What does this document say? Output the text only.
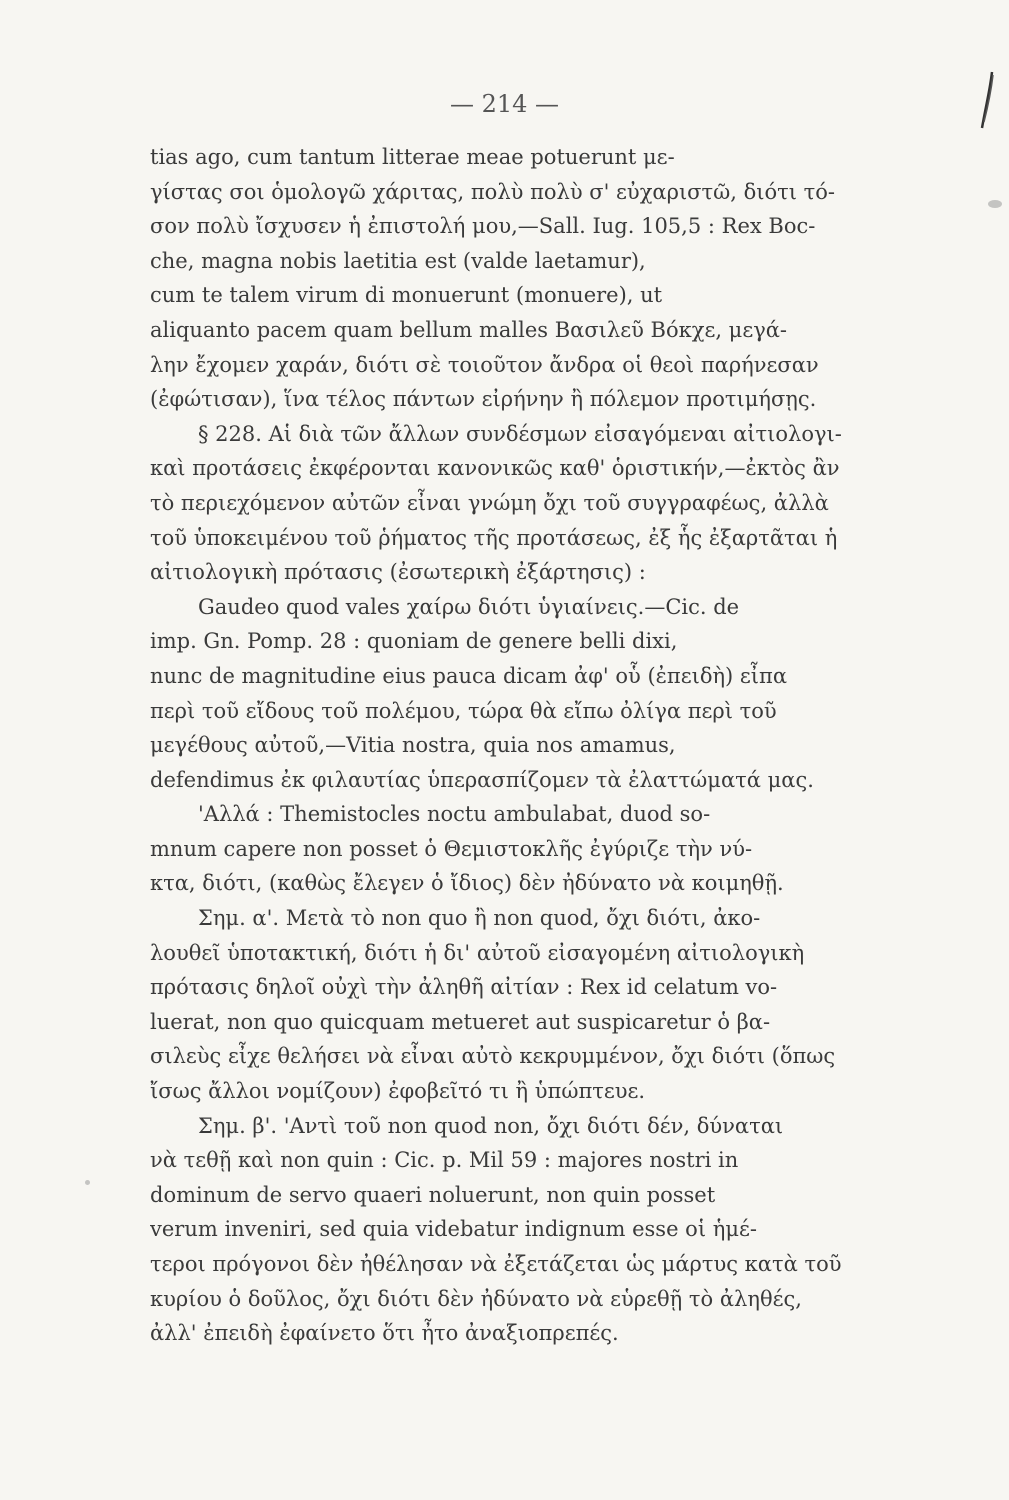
— 214 —
tias ago, cum tantum litterae meae potuerunt με-
γίστας σοι ὁμολογῶ χάριτας, πολὺ πολὺ σ' εὐχαριστῶ, διότι τό-
σον πολὺ ἴσχυσεν ἡ ἐπιστολή μου,—Sall. Iug. 105,5 : Rex Boc-
che, magna nobis laetitia est (valde laetamur),
cum te talem virum di monuerunt (monuere), ut
aliquanto pacem quam bellum malles Βασιλεῦ Βόκχε, μεγά-
λην ἔχομεν χαράν, διότι σὲ τοιοῦτον ἄνδρα οἱ θεοὶ παρήνεσαν
(ἐφώτισαν), ἵνα τέλος πάντων εἰρήνην ἢ πόλεμον προτιμήσῃς.
§ 228. Αἱ διὰ τῶν ἄλλων συνδέσμων εἰσαγόμεναι αἰτιολογι-
καὶ προτάσεις ἐκφέρονται κανονικῶς καθ' ὁριστικήν,—ἐκτὸς ἂν
τὸ περιεχόμενον αὐτῶν εἶναι γνώμη ὄχι τοῦ συγγραφέως, ἀλλὰ
τοῦ ὑποκειμένου τοῦ ῥήματος τῆς προτάσεως, ἐξ ἧς ἐξαρτᾶται ἡ
αἰτιολογικὴ πρότασις (ἐσωτερικὴ ἐξάρτησις) :
Gaudeo quod vales χαίρω διότι ὑγιαίνεις.—Cic. de
imp. Gn. Pomp. 28 : quoniam de genere belli dixi,
nunc de magnitudine eius pauca dicam ἀφ' οὗ (ἐπειδὴ) εἶπα
περὶ τοῦ εἴδους τοῦ πολέμου, τώρα θὰ εἴπω ὀλίγα περὶ τοῦ
μεγέθους αὐτοῦ,—Vitia nostra, quia nos amamus,
defendimus ἐκ φιλαυτίας ὑπερασπίζομεν τὰ ἐλαττώματά μας.
'Αλλά : Themistocles noctu ambulabat, duod so-
mnum capere non posset ὁ Θεμιστοκλῆς ἐγύριζε τὴν νύ-
κτα, διότι, (καθὼς ἔλεγεν ὁ ἴδιος) δὲν ἠδύνατο νὰ κοιμηθῇ.
Σημ. α'. Μετὰ τὸ non quo ἢ non quod, ὄχι διότι, ἀκο-
λουθεῖ ὑποτακτική, διότι ἡ δι' αὐτοῦ εἰσαγομένη αἰτιολογικὴ
πρότασις δηλοῖ οὐχὶ τὴν ἀληθῆ αἰτίαν : Rex id celatum vo-
luerat, non quo quicquam metueret aut suspicaretur ὁ βα-
σιλεὺς εἶχε θελήσει νὰ εἶναι αὐτὸ κεκρυμμένον, ὄχι διότι (ὅπως
ἴσως ἄλλοι νομίζουν) ἐφοβεῖτό τι ἢ ὑπώπτευε.
Σημ. β'. 'Αντὶ τοῦ non quod non, ὄχι διότι δέν, δύναται
νὰ τεθῇ καὶ non quin : Cic. p. Mil 59 : majores nostri in
dominum de servo quaeri noluerunt, non quin posset
verum inveniri, sed quia videbatur indignum esse οἱ ἡμέ-
τεροι πρόγονοι δὲν ἠθέλησαν νὰ ἐξετάζεται ὡς μάρτυς κατὰ τοῦ
κυρίου ὁ δοῦλος, ὄχι διότι δὲν ἠδύνατο νὰ εὑρεθῇ τὸ ἀληθές,
ἀλλ' ἐπειδὴ ἐφαίνετο ὅτι ἦτο ἀναξιοπρεπές.
